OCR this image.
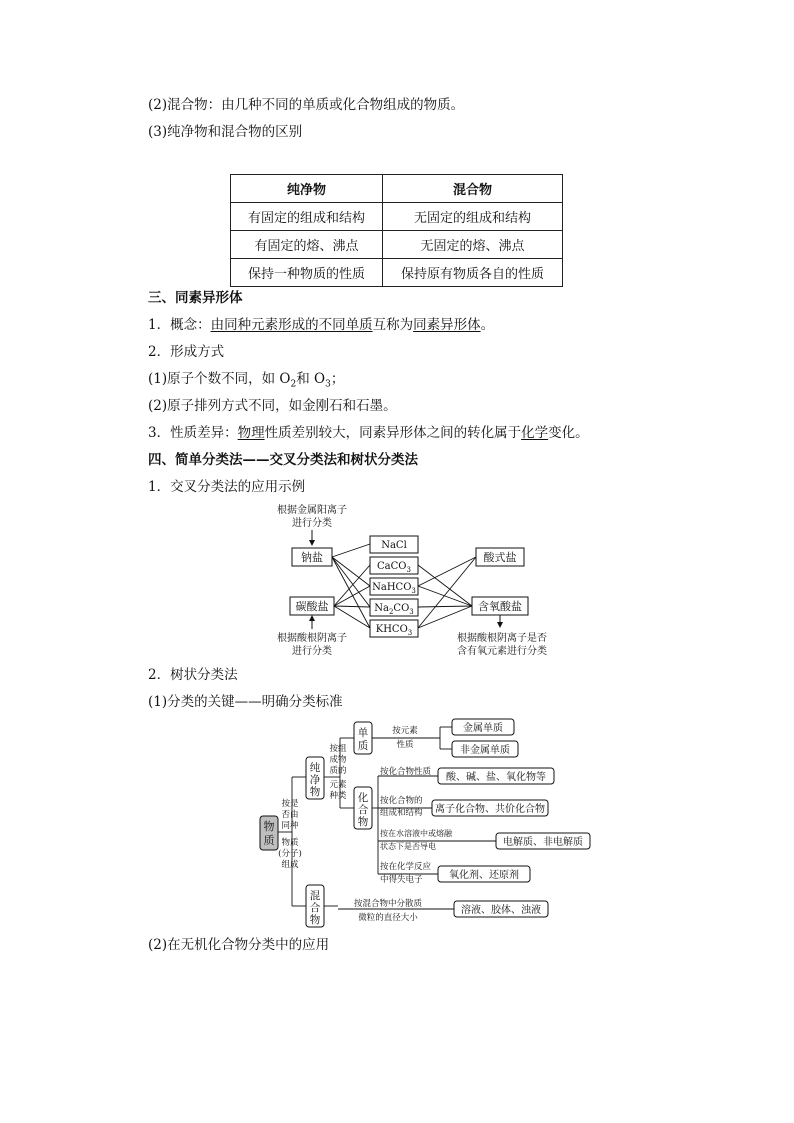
(2)混合物：由几种不同的单质或化合物组成的物质。
(3)纯净物和混合物的区别
纯净物	混合物
有固定的组成和结构	无固定的组成和结构
有固定的熔、沸点	无固定的熔、沸点
保持一种物质的性质	保持原有物质各自的性质
三、同素异形体
1．概念：由同种元素形成的不同单质互称为同素异形体。
2．形成方式
(1)原子个数不同，如 $O_2$和 $O_3$；
(2)原子排列方式不同，如金刚石和石墨。
3．性质差异：物理性质差别较大，同素异形体之间的转化属于化学变化。
四、简单分类法——交叉分类法和树状分类法
1．交叉分类法的应用示例
根据金属阳离子
进行分类
根据酸根阴离子
进行分类
根据酸根阴离子是否
含有氧元素进行分类
钠盐
碳酸盐
NaCl
CaCO$_3$
NaHCO$_3$
$Na_2CO_3$
$KHCO_3$
酸式盐
含氧酸盐
2．树状分类法
(1)分类的关键——明确分类标准
物
质
按是
否由
同种
物质
(分子)
组成
纯
净
物
混
合
物
按组
成物
质的
元素
种类
单
质
化
合
物
按元素
性质
金属单质
非金属单质
按化合物性质 酸、碱、盐、氧化物等
按化合物的
组成和结构 离子化合物、共价化合物
按在水溶液中或熔融
状态下是否导电	电解质、非电解质
按在化学反应
中得失电子	氧化剂、还原剂
按混合物中分散质
微粒的直径大小
溶液、胶体、浊液
(2)在无机化合物分类中的应用
